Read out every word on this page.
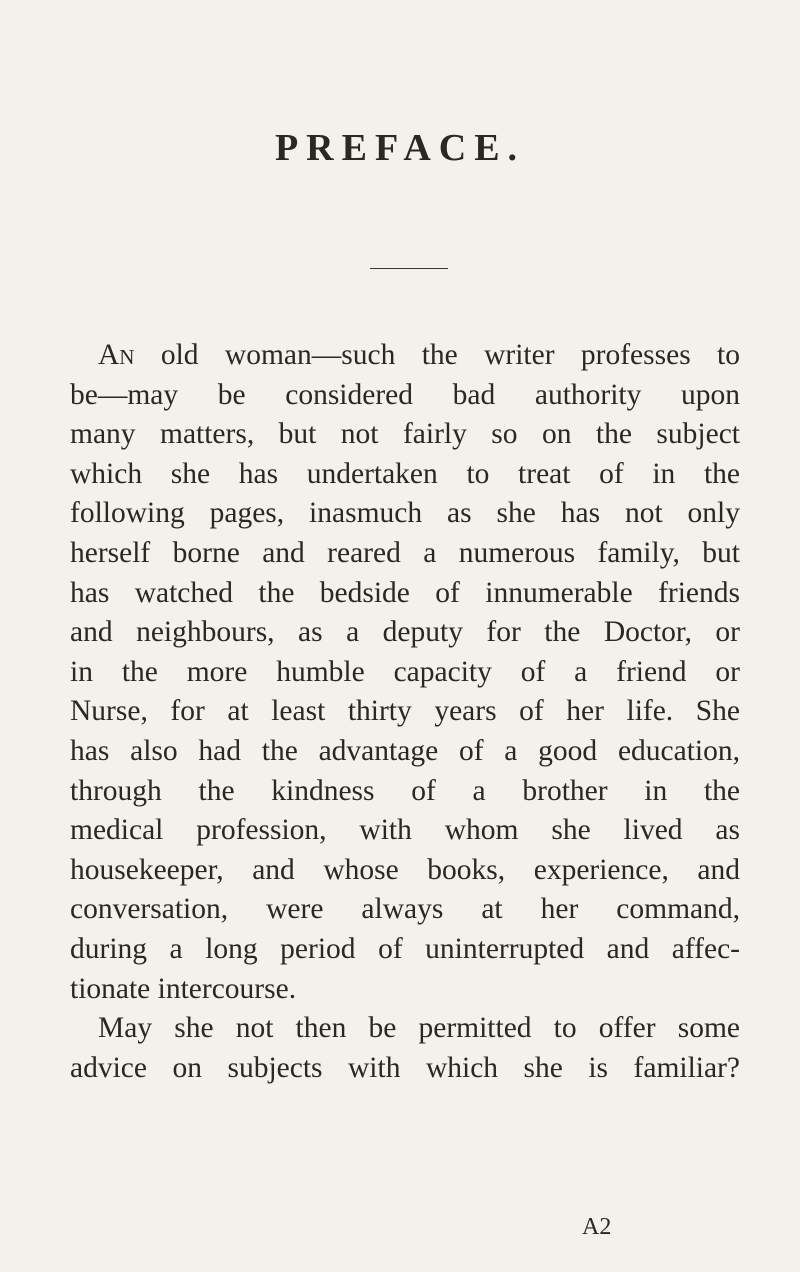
PREFACE.
An old woman—such the writer professes to
be—may be considered bad authority upon
many matters, but not fairly so on the subject
which she has undertaken to treat of in the
following pages, inasmuch as she has not only
herself borne and reared a numerous family, but
has watched the bedside of innumerable friends
and neighbours, as a deputy for the Doctor, or
in the more humble capacity of a friend or
Nurse, for at least thirty years of her life. She
has also had the advantage of a good education,
through the kindness of a brother in the
medical profession, with whom she lived as
housekeeper, and whose books, experience, and
conversation, were always at her command,
during a long period of uninterrupted and affec-
tionate intercourse.
May she not then be permitted to offer some
advice on subjects with which she is familiar?
A2
